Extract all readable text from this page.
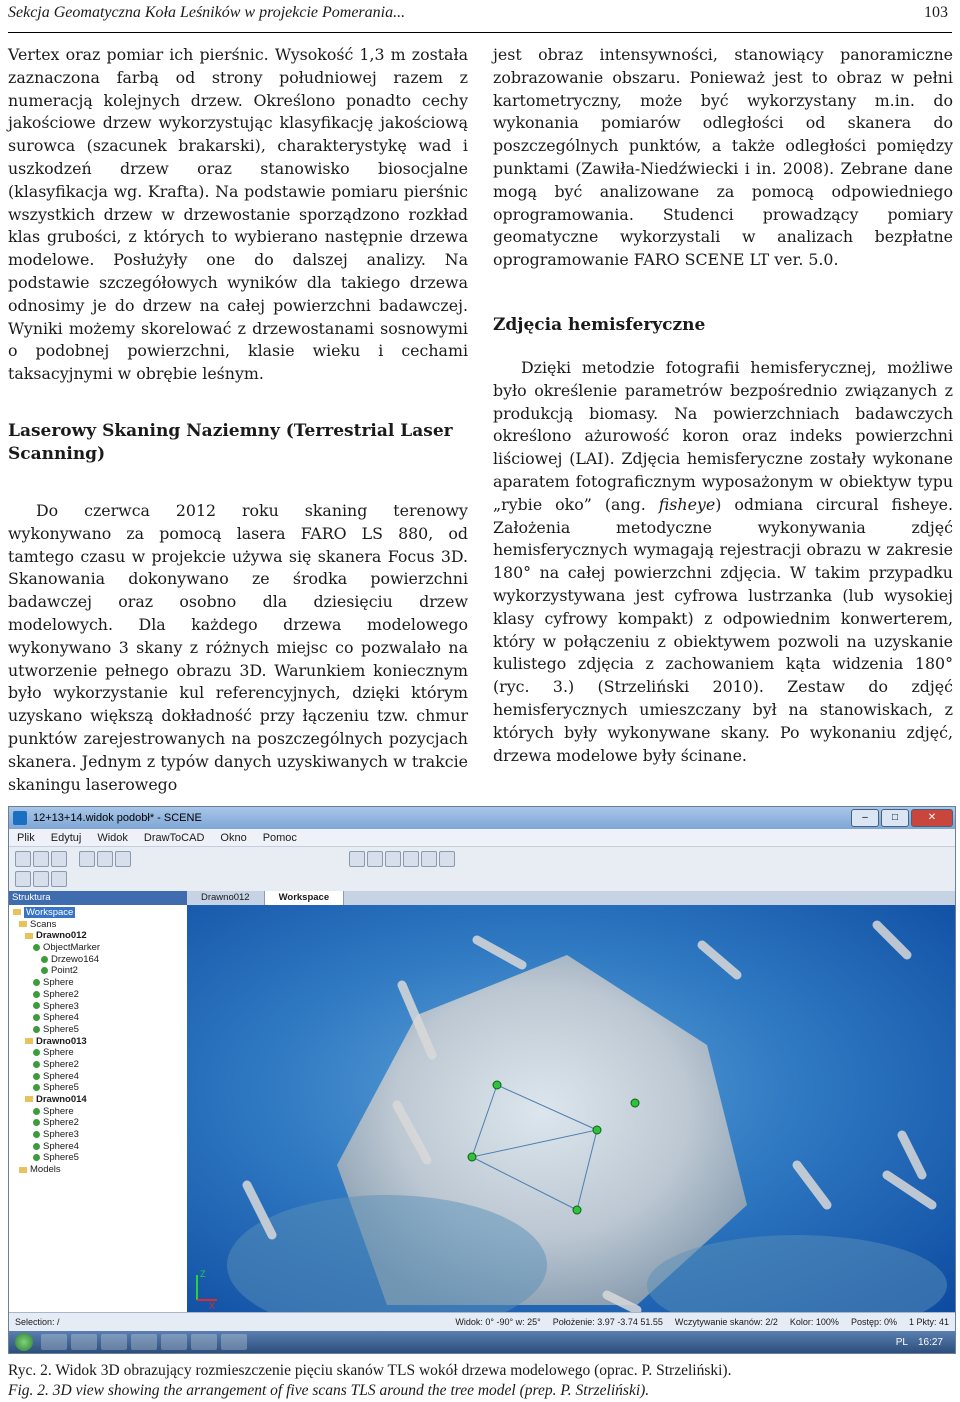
Sekcja Geomatyczna Koła Leśników w projekcie Pomerania...	103

Vertex oraz pomiar ich pierśnic. Wysokość 1,3 m została zaznaczona farbą od strony południowej razem z numeracją kolejnych drzew. Określono ponadto cechy jakościowe drzew wykorzystując klasyfikację jakościową surowca (szacunek brakarski), charakterystykę wad i uszkodzeń drzew oraz stanowisko biosocjalne (klasyfikacja wg. Krafta). Na podstawie pomiaru pierśnic wszystkich drzew w drzewostanie sporządzono rozkład klas grubości, z których to wybierano następnie drzewa modelowe. Posłużyły one do dalszej analizy. Na podstawie szczegółowych wyników dla takiego drzewa odnosimy je do drzew na całej powierzchni badawczej. Wyniki możemy skorelować z drzewostanami sosnowymi o podobnej powierzchni, klasie wieku i cechami taksacyjnymi w obrębie leśnym.

Laserowy Skaning Naziemny (Terrestrial Laser Scanning)

Do czerwca 2012 roku skaning terenowy wykonywano za pomocą lasera FARO LS 880, od tamtego czasu w projekcie używa się skanera Focus 3D. Skanowania dokonywano ze środka powierzchni badawczej oraz osobno dla dziesięciu drzew modelowych. Dla każdego drzewa modelowego wykonywano 3 skany z różnych miejsc co pozwalało na utworzenie pełnego obrazu 3D. Warunkiem koniecznym było wykorzystanie kul referencyjnych, dzięki którym uzyskano większą dokładność przy łączeniu tzw. chmur punktów zarejestrowanych na poszczególnych pozycjach skanera. Jednym z typów danych uzyskiwanych w trakcie skaningu laserowego

jest obraz intensywności, stanowiący panoramiczne zobrazowanie obszaru. Ponieważ jest to obraz w pełni kartometryczny, może być wykorzystany m.in. do wykonania pomiarów odległości od skanera do poszczególnych punktów, a także odległości pomiędzy punktami (Zawiła-Niedźwiecki i in. 2008). Zebrane dane mogą być analizowane za pomocą odpowiedniego oprogramowania. Studenci prowadzący pomiary geomatyczne wykorzystali w analizach bezpłatne oprogramowanie FARO SCENE LT ver. 5.0.

Zdjęcia hemisferyczne

Dzięki metodzie fotografii hemisferycznej, możliwe było określenie parametrów bezpośrednio związanych z produkcją biomasy. Na powierzchniach badawczych określono ażurowość koron oraz indeks powierzchni liściowej (LAI). Zdjęcia hemisferyczne zostały wykonane aparatem fotograficznym wyposażonym w obiektyw typu „rybie oko” (ang. fisheye) odmiana circural fisheye. Założenia metodyczne wykonywania zdjęć hemisferycznych wymagają rejestracji obrazu w zakresie 180° na całej powierzchni zdjęcia. W takim przypadku wykorzystywana jest cyfrowa lustrzanka (lub wysokiej klasy cyfrowy kompakt) z odpowiednim konwerterem, który w połączeniu z obiektywem pozwoli na uzyskanie kulistego zdjęcia z zachowaniem kąta widzenia 180° (ryc. 3.) (Strzeliński 2010). Zestaw do zdjęć hemisferycznych umieszczany był na stanowiskach, z których były wykonywane skany. Po wykonaniu zdjęć, drzewa modelowe były ścinane.

12+13+14.widok podobł* - SCENE	–	□	✕
Plik	Edytuj	Widok	DrawToCAD	Okno	Pomoc
Struktura
Workspace
Scans
Drawno012
ObjectMarker
Drzewo164
Point2
Sphere
Sphere2
Sphere3
Sphere4
Sphere5
Drawno013
Sphere
Sphere2
Sphere4
Sphere5
Drawno014
Sphere
Sphere2
Sphere3
Sphere4
Sphere5
Models
Drawno012	Workspace
Z
X
Selection: /	Widok: 0° -90° w: 25°	Położenie: 3.97 -3.74 51.55	Wczytywanie skanów: 2/2	Kolor: 100%	Postęp: 0%	1 Pkty: 41
PL 16:27
Ryc. 2. Widok 3D obrazujący rozmieszczenie pięciu skanów TLS wokół drzewa modelowego (oprac. P. Strzeliński).
Fig. 2. 3D view showing the arrangement of five scans TLS around the tree model (prep. P. Strzeliński).
